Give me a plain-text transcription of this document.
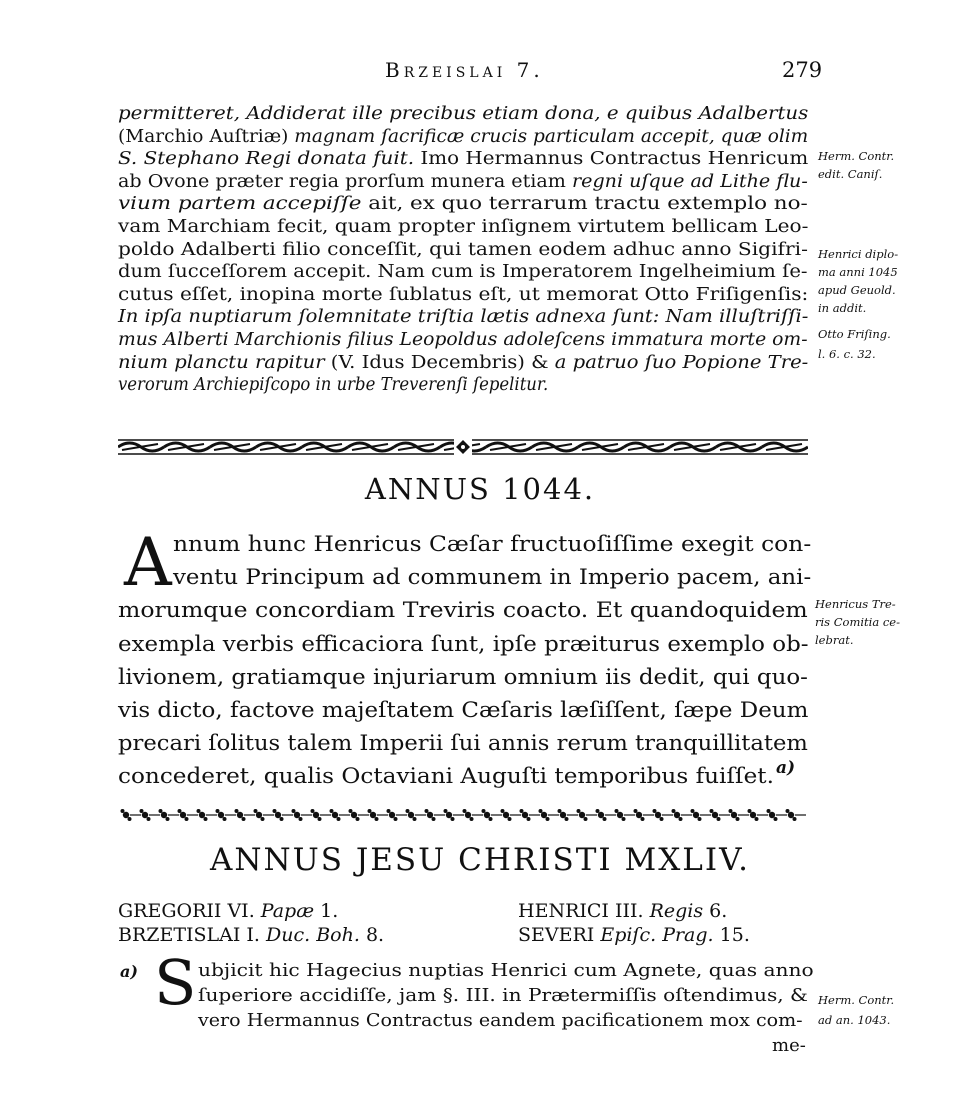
Brzeislai 7.	279
permitteret, Addiderat ille precibus etiam dona, e quibus Adalbertus
(Marchio Auſtriæ) magnam ſacrificæ crucis particulam accepit, quæ olim
S. Stephano Regi donata fuit. Imo Hermannus Contractus Henricum
ab Ovone præter regia prorſum munera etiam regni uſque ad Lithe flu-
vium partem accepiſſe ait, ex quo terrarum tractu extemplo no-
vam Marchiam fecit, quam propter inſignem virtutem bellicam Leo-
poldo Adalberti filio conceſſit, qui tamen eodem adhuc anno Sigifri-
dum ſucceſſorem accepit. Nam cum is Imperatorem Ingelheimium ſe-
cutus eſſet, inopina morte ſublatus eſt, ut memorat Otto Friſigenſis:
In ipſa nuptiarum ſolemnitate triſtia lætis adnexa ſunt: Nam illuſtriſſi-
mus Alberti Marchionis filius Leopoldus adoleſcens immatura morte om-
nium planctu rapitur (V. Idus Decembris) & a patruo ſuo Popione Tre-
verorum Archiepiſcopo in urbe Treverenſi ſepelitur.
Herm. Contr.
edit. Caniſ.
Henrici diplo-
ma anni 1045
apud Geuold.
in addit.
Otto Friſing.
l. 6. c. 32.
ANNUS 1044.
A nnum hunc Henricus Cæſar fructuoſiſſime exegit con-
ventu Principum ad communem in Imperio pacem, ani-
morumque concordiam Treviris coacto. Et quandoquidem
exempla verbis efficaciora ſunt, ipſe præiturus exemplo ob-
livionem, gratiamque injuriarum omnium iis dedit, qui quo-
vis dicto, factove majeſtatem Cæſaris læſiſſent, ſæpe Deum
precari ſolitus talem Imperii ſui annis rerum tranquillitatem
concederet, qualis Octaviani Auguſti temporibus fuiſſet. a)
Henricus Tre-
ris Comitia ce-
lebrat.
ANNUS JESU CHRISTI MXLIV.
GREGORII VI. Papæ 1.
BRZETISLAI I. Duc. Boh. 8.
HENRICI III. Regis 6.
SEVERI Epiſc. Prag. 15.
a) S ubjicit hic Hagecius nuptias Henrici cum Agnete, quas anno
ſuperiore accidiſſe, jam §. III. in Prætermiſſis oſtendimus, &
vero Hermannus Contractus eandem pacificationem mox com-
me-
Herm. Contr.
ad an. 1043.
